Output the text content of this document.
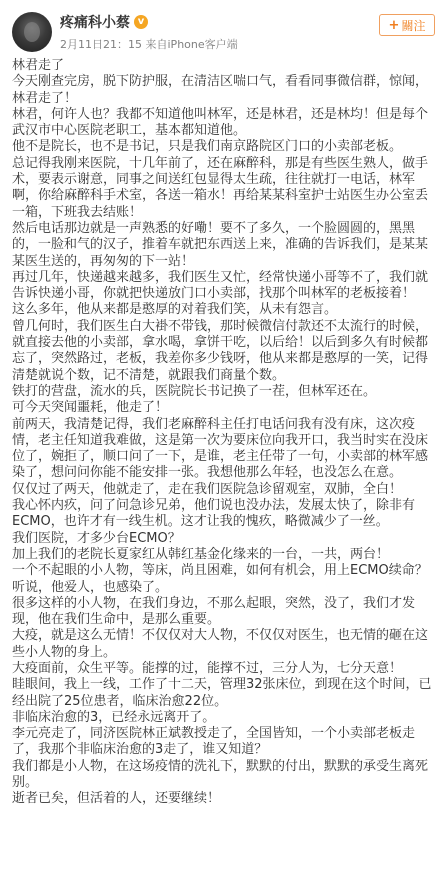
疼痛科小蔡 v
2月11日21：15 来自iPhone客户端
+ 關注

林君走了

今天刚查完房，脱下防护服，在清洁区喘口气，看看同事微信群，惊闻，林君走了！

林君，何许人也？我都不知道他叫林军，还是林君，还是林均！但是每个武汉市中心医院老职工，基本都知道他。

他不是院长，也不是书记，只是我们南京路院区门口的小卖部老板。

总记得我刚来医院，十几年前了，还在麻醉科，那是有些医生熟人，做手术，要表示谢意，同事之间送红包显得太生疏，往往就打一电话，林军啊，你给麻醉科手术室，各送一箱水！再给某某科室护士站医生办公室丢一箱，下班我去结账！

然后电话那边就是一声熟悉的好嘞！要不了多久，一个脸圆圆的，黑黑的，一脸和气的汉子，推着车就把东西送上来，准确的告诉我们，是某某某医生送的，再匆匆的下一站！

再过几年，快递越来越多，我们医生又忙，经常快递小哥等不了，我们就告诉快递小哥，你就把快递放门口小卖部，找那个叫林军的老板接着！

这么多年，他从来都是憨厚的对着我们笑，从未有怨言。

曾几何时，我们医生白大褂不带钱，那时候微信付款还不太流行的时候，就直接去他的小卖部，拿水喝，拿饼干吃，以后给！以后到多久有时候都忘了，突然路过，老板，我差你多少钱呀，他从来都是憨厚的一笑，记得清楚就说个数，记不清楚，就跟我们商量个数。

铁打的营盘，流水的兵，医院院长书记换了一茬，但林军还在。

可今天突闻噩耗，他走了！

前两天，我清楚记得，我们老麻醉科主任打电话问我有没有床，这次疫情，老主任知道我难做，这是第一次为要床位向我开口，我当时实在没床位了，婉拒了，顺口问了一下，是谁，老主任带了一句，小卖部的林军感染了，想问问你能不能安排一张。我想他那么年轻，也没怎么在意。

仅仅过了两天，他就走了，走在我们医院急诊留观室，双肺，全白！

我心怀内疚，问了问急诊兄弟，他们说也没办法，发展太快了，除非有ECMO，也许才有一线生机。这才让我的愧疚，略微减少了一丝。

我们医院，才多少台ECMO？

加上我们的老院长夏家红从韩红基金化缘来的一台，一共，两台！

一个不起眼的小人物，等床，尚且困难，如何有机会，用上ECMO续命？

听说，他爱人，也感染了。

很多这样的小人物，在我们身边，不那么起眼，突然，没了，我们才发现，他在我们生命中，是那么重要。

大疫，就是这么无情！不仅仅对大人物，不仅仅对医生，也无情的砸在这些小人物的身上。

大疫面前，众生平等。能撑的过，能撑不过，三分人为，七分天意！

眭眼间，我上一线，工作了十二天，管理32张床位，到现在这个时间，已经出院了25位患者，临床治愈22位。

非临床治愈的3，已经永远离开了。

李元亮走了，同济医院林正斌教授走了，全国皆知，一个小卖部老板走了，我那个非临床治愈的3走了，谁又知道？

我们都是小人物，在这场疫情的洗礼下，默默的付出，默默的承受生离死别。

逝者已矣，但活着的人，还要继续！
